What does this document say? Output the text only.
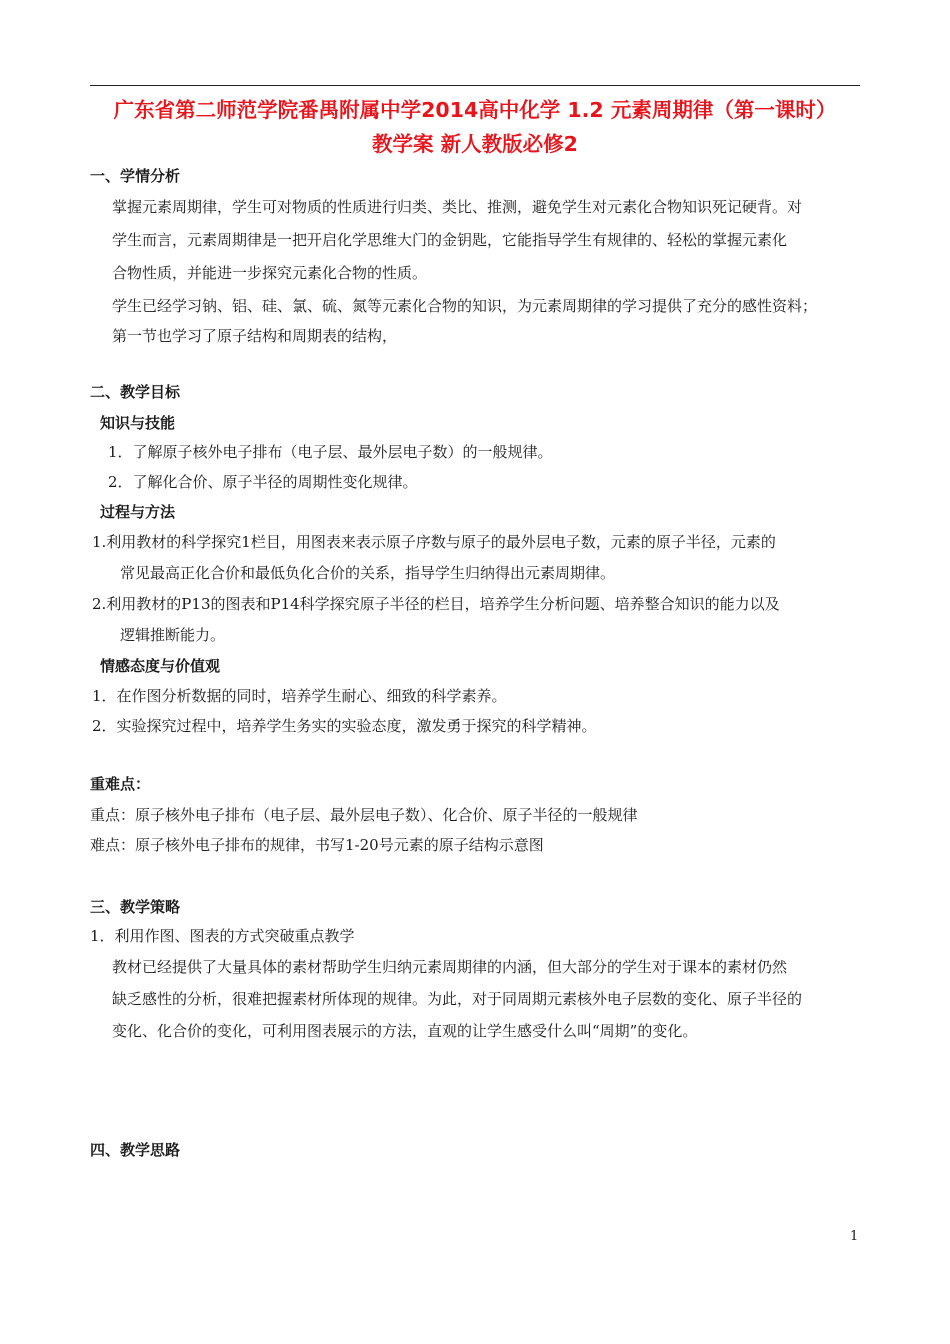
广东省第二师范学院番禺附属中学2014高中化学 1.2 元素周期律（第一课时）
教学案 新人教版必修2
一、学情分析
掌握元素周期律，学生可对物质的性质进行归类、类比、推测，避免学生对元素化合物知识死记硬背。对
学生而言，元素周期律是一把开启化学思维大门的金钥匙，它能指导学生有规律的、轻松的掌握元素化
合物性质，并能进一步探究元素化合物的性质。
学生已经学习钠、铝、硅、氯、硫、氮等元素化合物的知识，为元素周期律的学习提供了充分的感性资料；
第一节也学习了原子结构和周期表的结构，
二、教学目标
知识与技能
1．了解原子核外电子排布（电子层、最外层电子数）的一般规律。
2．了解化合价、原子半径的周期性变化规律。
过程与方法
1.利用教材的科学探究1栏目，用图表来表示原子序数与原子的最外层电子数，元素的原子半径，元素的
常见最高正化合价和最低负化合价的关系，指导学生归纳得出元素周期律。
2.利用教材的P13的图表和P14科学探究原子半径的栏目，培养学生分析问题、培养整合知识的能力以及
逻辑推断能力。
情感态度与价值观
1．在作图分析数据的同时，培养学生耐心、细致的科学素养。
2．实验探究过程中，培养学生务实的实验态度，激发勇于探究的科学精神。
重难点：
重点：原子核外电子排布（电子层、最外层电子数）、化合价、原子半径的一般规律
难点：原子核外电子排布的规律，书写1-20号元素的原子结构示意图
三、教学策略
1．利用作图、图表的方式突破重点教学
教材已经提供了大量具体的素材帮助学生归纳元素周期律的内涵，但大部分的学生对于课本的素材仍然
缺乏感性的分析，很难把握素材所体现的规律。为此，对于同周期元素核外电子层数的变化、原子半径的
变化、化合价的变化，可利用图表展示的方法，直观的让学生感受什么叫“周期”的变化。
四、教学思路
1
